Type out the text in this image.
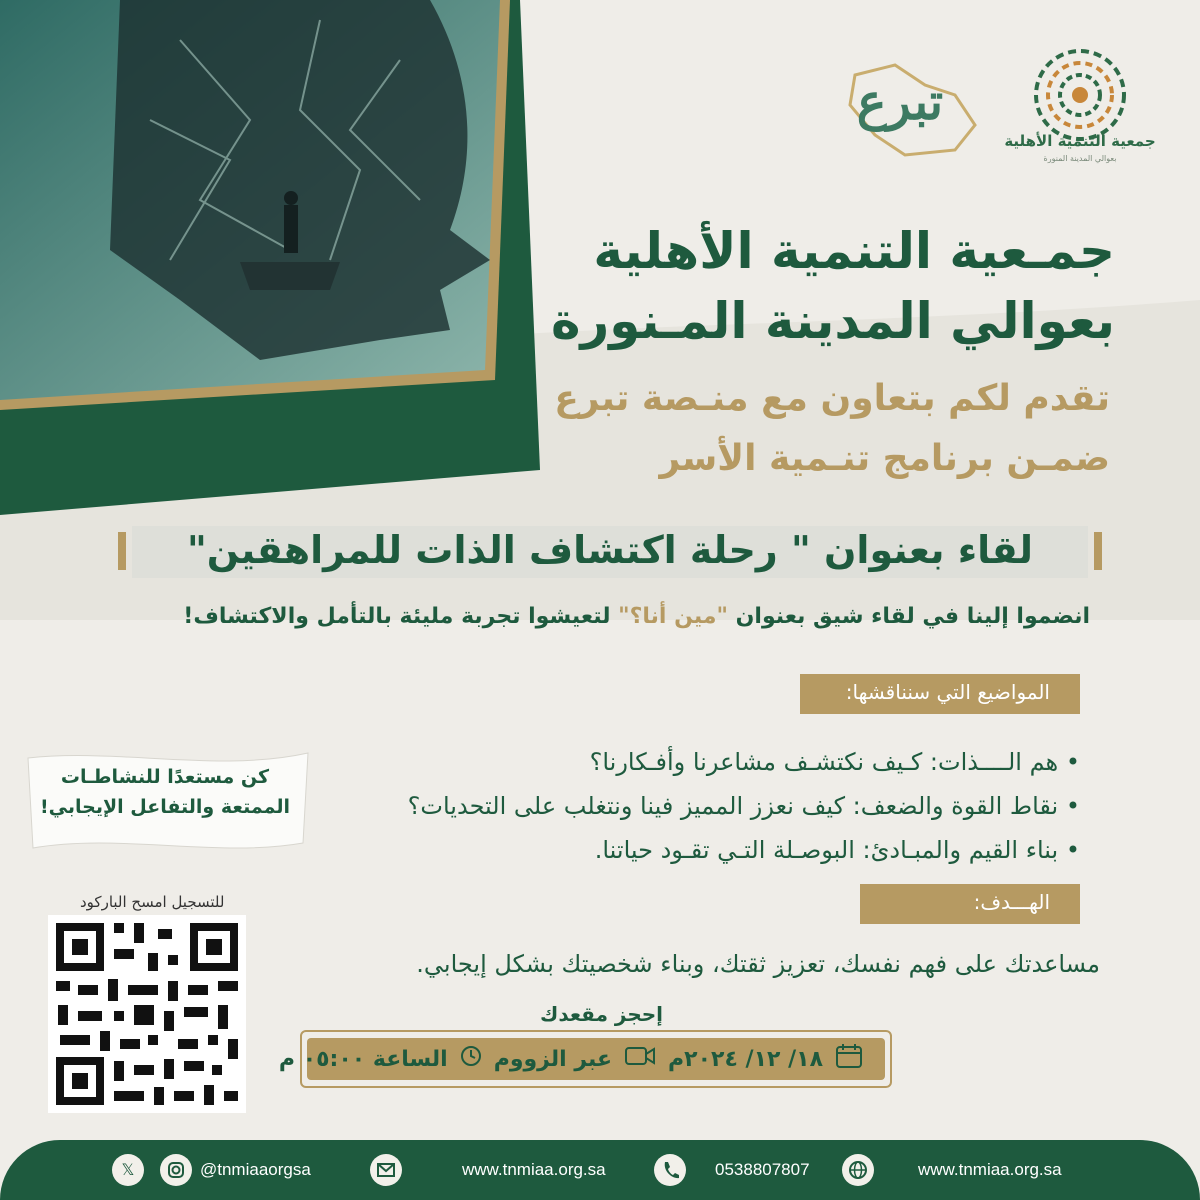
جمعية التنمية الأهلية
بعوالي المدينة المنورة
تبرع
جمـعية التنمية الأهلية
بعوالي المدينة المـنورة
تقدم لكم بتعاون مع منـصة تبرع
ضمـن برنامج تنـمية الأسر
لقاء بعنوان " رحلة اكتشاف الذات للمراهقين"
انضموا إلينا في لقاء شيق بعنوان "مين أنا؟" لتعيشوا تجربة مليئة بالتأمل والاكتشاف!
المواضيع التي سنناقشها:
• هم الــــذات: كـيف نكتشـف مشاعرنا وأفـكارنا؟
• نقاط القوة والضعف: كيف نعزز المميز فينا ونتغلب على التحديات؟
• بناء القيم والمبـادئ: البوصـلة التـي تقـود حياتنا.
الهـــدف:
مساعدتك على فهم نفسك، تعزيز ثقتك، وبناء شخصيتك بشكل إيجابي.
إحجز مقعدك
١٨/ ١٢/ ٢٠٢٤م
عبر الزووم
الساعة ٠٥:٠٠ م
كن مستعدًا للنشاطـات
الممتعة والتفاعل الإيجابي!
للتسجيل امسح الباركود
𝕏	@tnmiaaorgsa	www.tnmiaa.org.sa	0538807807	www.tnmiaa.org.sa
